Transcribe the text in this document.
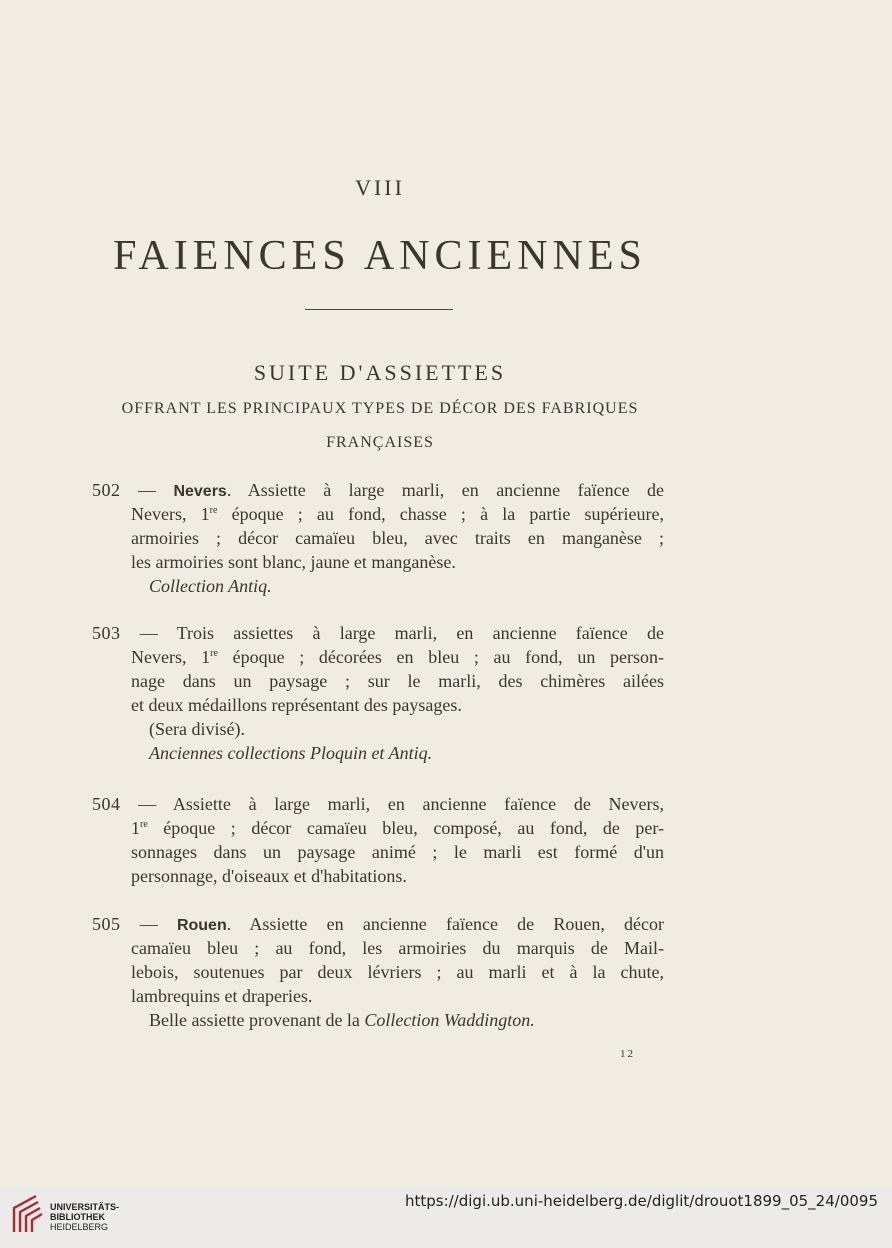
VIII
FAIENCES ANCIENNES
SUITE D'ASSIETTES
OFFRANT LES PRINCIPAUX TYPES DE DÉCOR DES FABRIQUES
FRANÇAISES
502 — Nevers. Assiette à large marli, en ancienne faïence de
Nevers, 1re époque ; au fond, chasse ; à la partie supérieure,
armoiries ; décor camaïeu bleu, avec traits en manganèse ;
les armoiries sont blanc, jaune et manganèse.
Collection Antiq.
503 — Trois assiettes à large marli, en ancienne faïence de
Nevers, 1re époque ; décorées en bleu ; au fond, un person-
nage dans un paysage ; sur le marli, des chimères ailées
et deux médaillons représentant des paysages.
(Sera divisé).
Anciennes collections Ploquin et Antiq.
504 — Assiette à large marli, en ancienne faïence de Nevers,
1re époque ; décor camaïeu bleu, composé, au fond, de per-
sonnages dans un paysage animé ; le marli est formé d'un
personnage, d'oiseaux et d'habitations.
505 — Rouen. Assiette en ancienne faïence de Rouen, décor
camaïeu bleu ; au fond, les armoiries du marquis de Mail-
lebois, soutenues par deux lévriers ; au marli et à la chute,
lambrequins et draperies.
Belle assiette provenant de la Collection Waddington.
12
UNIVERSITÄTS-
BIBLIOTHEK
HEIDELBERG
https://digi.ub.uni-heidelberg.de/diglit/drouot1899_05_24/0095
